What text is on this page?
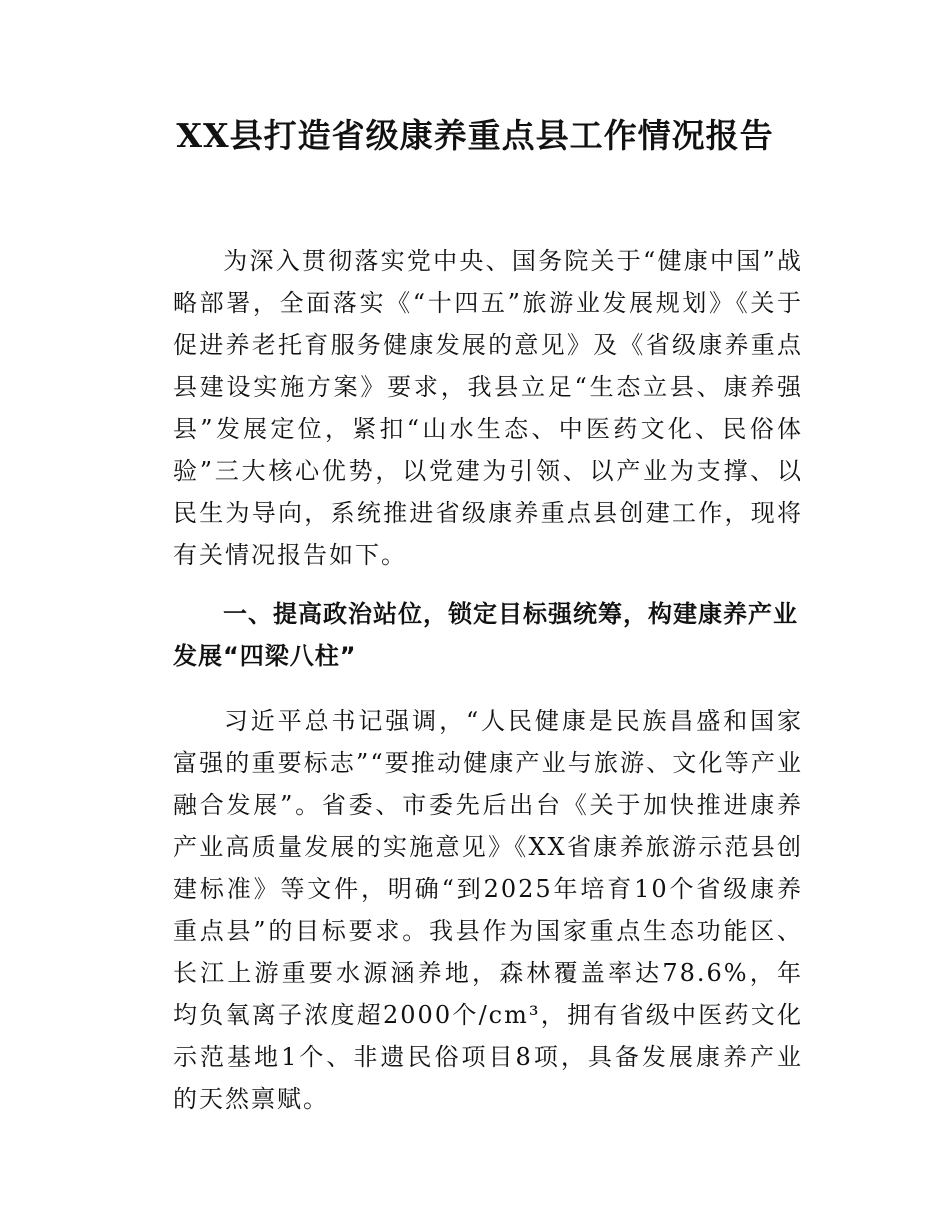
XX县打造省级康养重点县工作情况报告

为深入贯彻落实党中央、国务院关于“健康中国”战略部署，全面落实《“十四五”旅游业发展规划》《关于促进养老托育服务健康发展的意见》及《省级康养重点县建设实施方案》要求，我县立足“生态立县、康养强县”发展定位，紧扣“山水生态、中医药文化、民俗体验”三大核心优势，以党建为引领、以产业为支撑、以民生为导向，系统推进省级康养重点县创建工作，现将有关情况报告如下。

一、提高政治站位，锁定目标强统筹，构建康养产业发展“四梁八柱”

习近平总书记强调，“人民健康是民族昌盛和国家富强的重要标志”“要推动健康产业与旅游、文化等产业融合发展”。省委、市委先后出台《关于加快推进康养产业高质量发展的实施意见》《XX省康养旅游示范县创建标准》等文件，明确“到2025年培育10个省级康养重点县”的目标要求。我县作为国家重点生态功能区、长江上游重要水源涵养地，森林覆盖率达78.6%，年均负氧离子浓度超2000个/cm³，拥有省级中医药文化示范基地1个、非遗民俗项目8项，具备发展康养产业的天然禀赋。
